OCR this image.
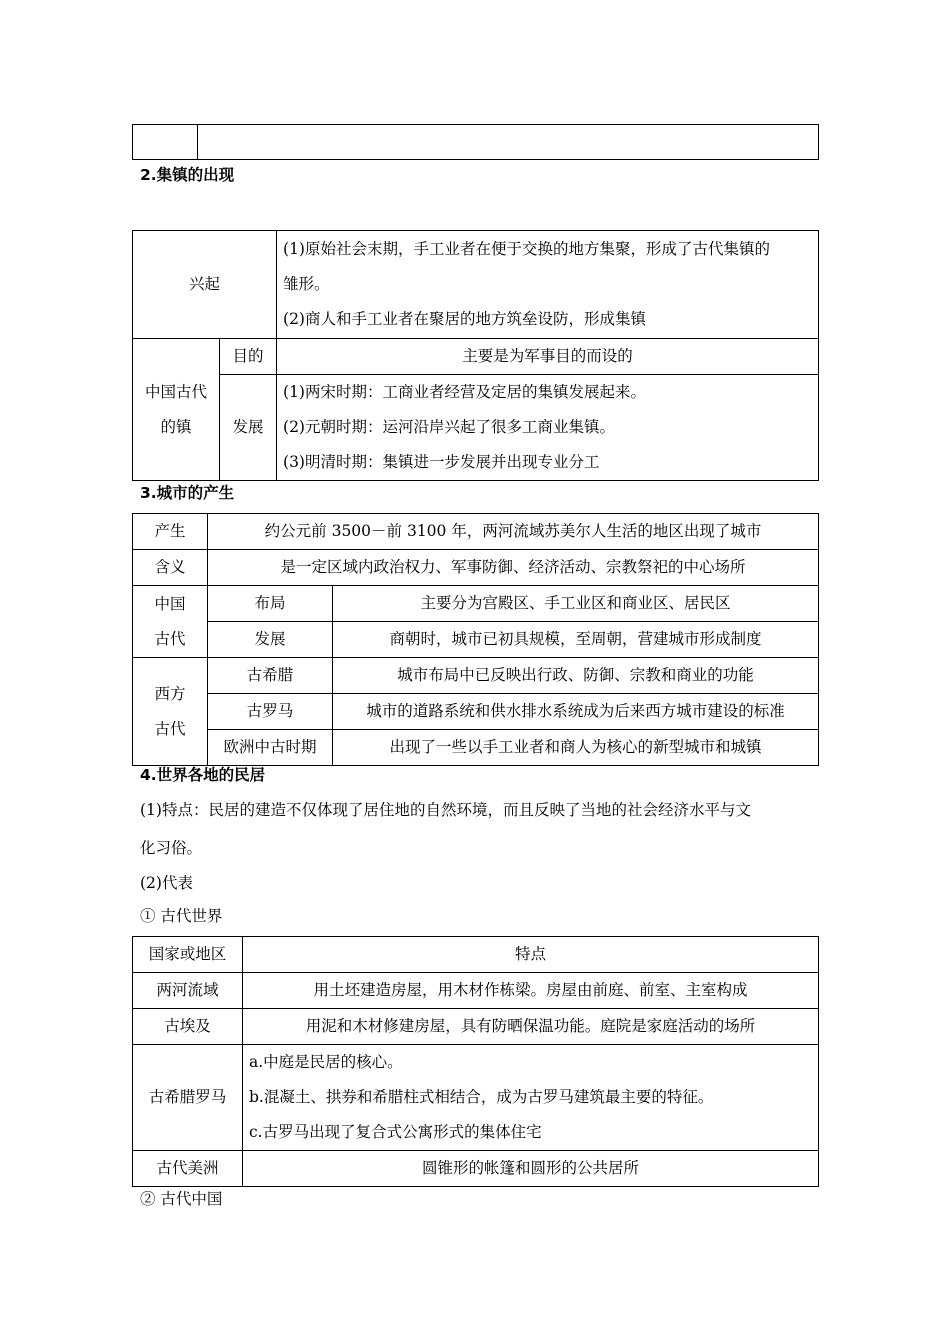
2.集镇的出现
兴起		(1)原始社会末期，手工业者在便于交换的地方集聚，形成了古代集镇的
雏形。
(2)商人和手工业者在聚居的地方筑垒设防，形成集镇

中国古代
的镇	目的	主要是为军事目的而设的
	发展	(1)两宋时期：工商业者经营及定居的集镇发展起来。
(2)元朝时期：运河沿岸兴起了很多工商业集镇。
(3)明清时期：集镇进一步发展并出现专业分工
3.城市的产生
产生	约公元前 3500－前 3100 年，两河流域苏美尔人生活的地区出现了城市	
含义	是一定区域内政治权力、军事防御、经济活动、宗教祭祀的中心场所	

中国
古代	布局	主要分为宫殿区、手工业区和商业区、居民区
	发展	商朝时，城市已初具规模，至周朝，营建城市形成制度

西方
古代	古希腊	城市布局中已反映出行政、防御、宗教和商业的功能
	古罗马	城市的道路系统和供水排水系统成为后来西方城市建设的标准
	欧洲中古时期	出现了一些以手工业者和商人为核心的新型城市和城镇
4.世界各地的民居
(1)特点：民居的建造不仅体现了居住地的自然环境，而且反映了当地的社会经济水平与文
化习俗。
(2)代表
① 古代世界
国家或地区	特点
两河流域	用土坯建造房屋，用木材作栋梁。房屋由前庭、前室、主室构成
古埃及	用泥和木材修建房屋，具有防晒保温功能。庭院是家庭活动的场所
古希腊罗马	a.中庭是民居的核心。
b.混凝土、拱券和希腊柱式相结合，成为古罗马建筑最主要的特征。
c.古罗马出现了复合式公寓形式的集体住宅

古代美洲	圆锥形的帐篷和圆形的公共居所
② 古代中国
